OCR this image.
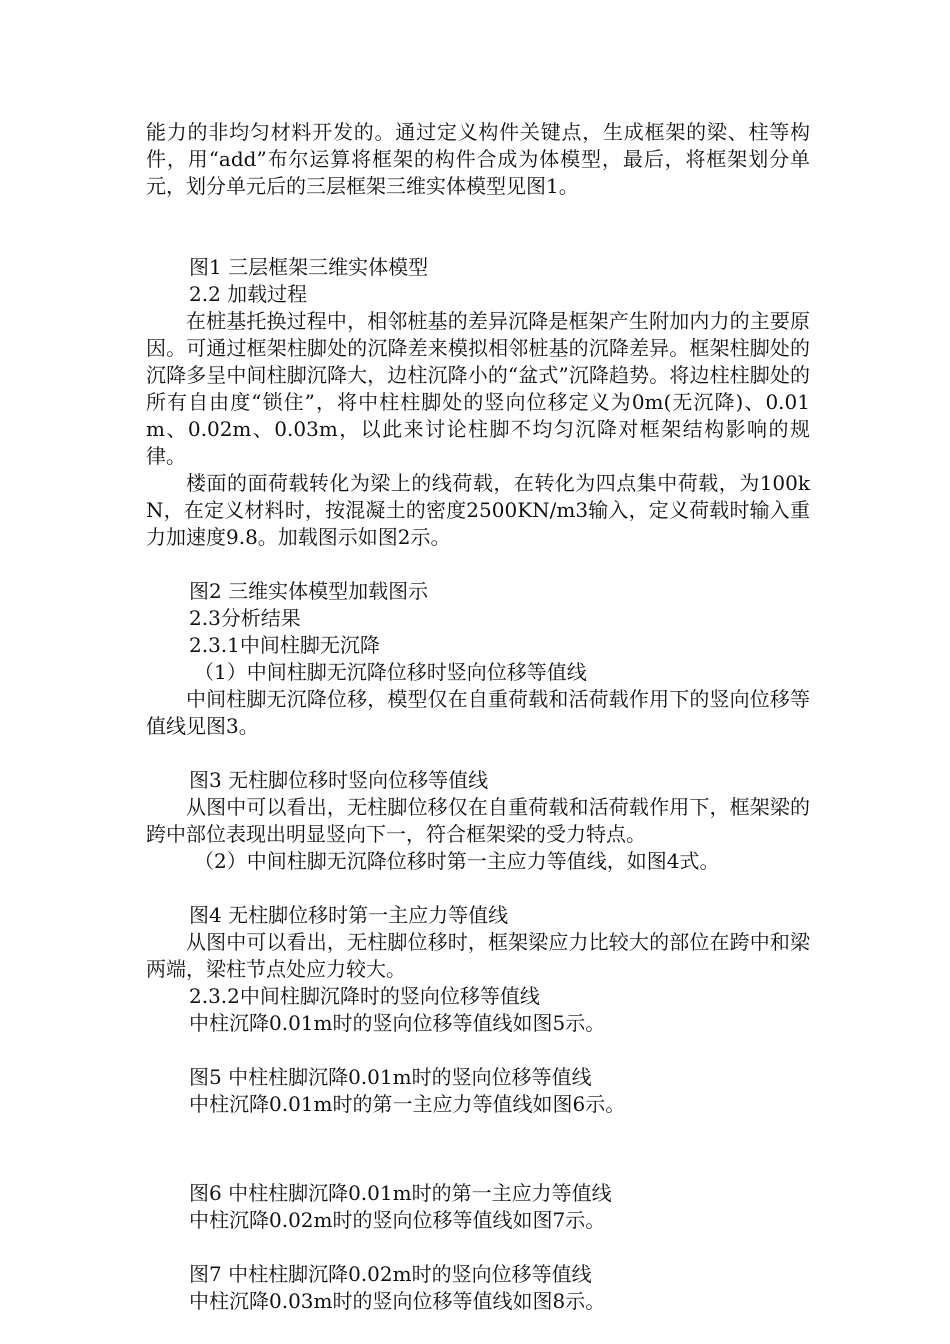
能力的非均匀材料开发的。通过定义构件关键点，生成框架的梁、柱等构件，用“add”布尔运算将框架的构件合成为体模型，最后，将框架划分单元，划分单元后的三层框架三维实体模型见图1。

图1 三层框架三维实体模型

2.2 加载过程

在桩基托换过程中，相邻桩基的差异沉降是框架产生附加内力的主要原因。可通过框架柱脚处的沉降差来模拟相邻桩基的沉降差异。框架柱脚处的沉降多呈中间柱脚沉降大，边柱沉降小的“盆式”沉降趋势。将边柱柱脚处的所有自由度“锁住”，将中柱柱脚处的竖向位移定义为0m(无沉降)、0.01m、0.02m、0.03m，以此来讨论柱脚不均匀沉降对框架结构影响的规律。

楼面的面荷载转化为梁上的线荷载，在转化为四点集中荷载，为100kN，在定义材料时，按混凝土的密度2500KN/m3输入，定义荷载时输入重力加速度9.8。加载图示如图2示。

图2 三维实体模型加载图示

2.3分析结果

2.3.1中间柱脚无沉降

（1）中间柱脚无沉降位移时竖向位移等值线

中间柱脚无沉降位移，模型仅在自重荷载和活荷载作用下的竖向位移等值线见图3。

图3 无柱脚位移时竖向位移等值线

从图中可以看出，无柱脚位移仅在自重荷载和活荷载作用下，框架梁的跨中部位表现出明显竖向下一，符合框架梁的受力特点。

（2）中间柱脚无沉降位移时第一主应力等值线，如图4式。

图4 无柱脚位移时第一主应力等值线

从图中可以看出，无柱脚位移时，框架梁应力比较大的部位在跨中和梁两端，梁柱节点处应力较大。

2.3.2中间柱脚沉降时的竖向位移等值线

中柱沉降0.01m时的竖向位移等值线如图5示。

图5 中柱柱脚沉降0.01m时的竖向位移等值线

中柱沉降0.01m时的第一主应力等值线如图6示。

图6 中柱柱脚沉降0.01m时的第一主应力等值线

中柱沉降0.02m时的竖向位移等值线如图7示。

图7 中柱柱脚沉降0.02m时的竖向位移等值线

中柱沉降0.03m时的竖向位移等值线如图8示。
